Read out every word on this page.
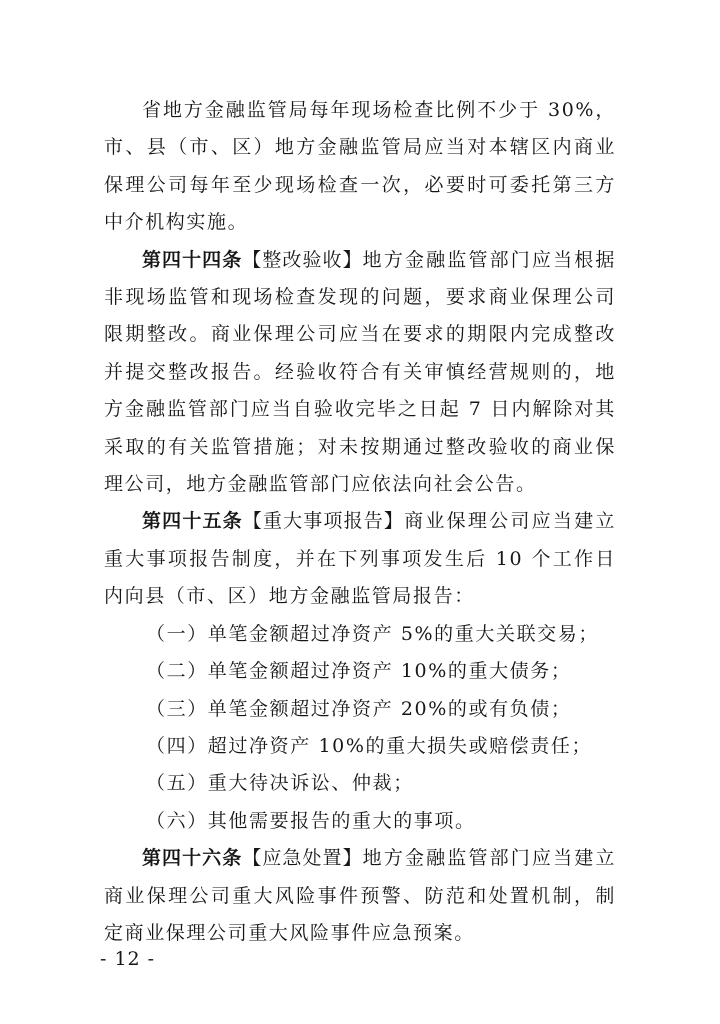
省地方金融监管局每年现场检查比例不少于 30%，市、县（市、区）地方金融监管局应当对本辖区内商业保理公司每年至少现场检查一次，必要时可委托第三方中介机构实施。

第四十四条【整改验收】地方金融监管部门应当根据非现场监管和现场检查发现的问题，要求商业保理公司限期整改。商业保理公司应当在要求的期限内完成整改并提交整改报告。经验收符合有关审慎经营规则的，地方金融监管部门应当自验收完毕之日起 7 日内解除对其采取的有关监管措施；对未按期通过整改验收的商业保理公司，地方金融监管部门应依法向社会公告。

第四十五条【重大事项报告】商业保理公司应当建立重大事项报告制度，并在下列事项发生后 10 个工作日内向县（市、区）地方金融监管局报告：

（一）单笔金额超过净资产 5%的重大关联交易；

（二）单笔金额超过净资产 10%的重大债务；

（三）单笔金额超过净资产 20%的或有负债；

（四）超过净资产 10%的重大损失或赔偿责任；

（五）重大待决诉讼、仲裁；

（六）其他需要报告的重大的事项。

第四十六条【应急处置】地方金融监管部门应当建立商业保理公司重大风险事件预警、防范和处置机制，制定商业保理公司重大风险事件应急预案。

- 12 -
